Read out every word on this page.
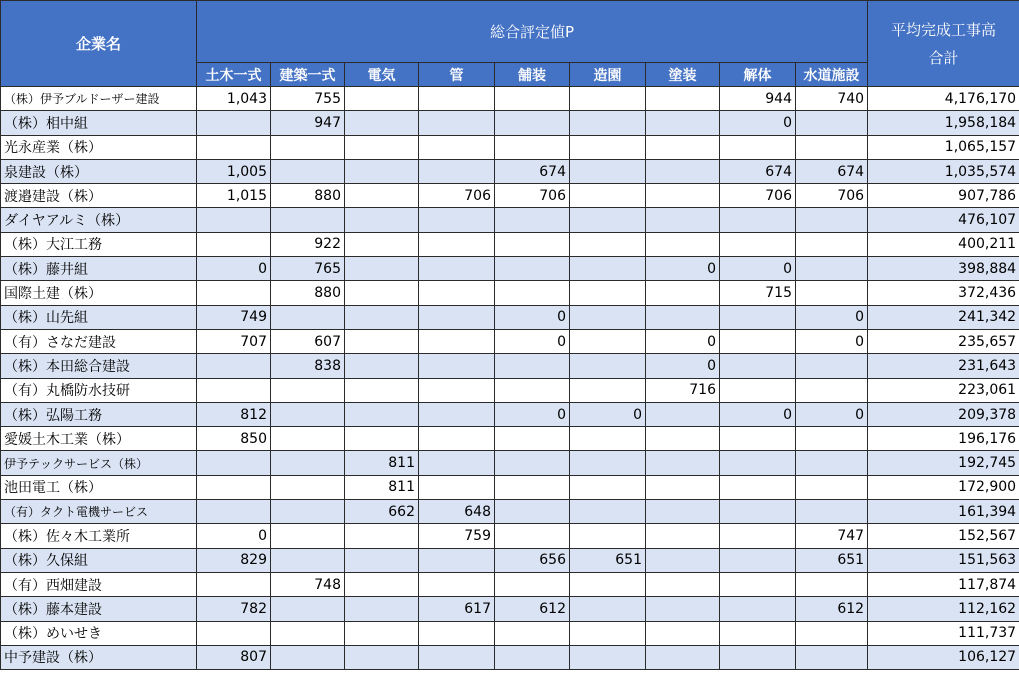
企業名	総合評定値P									平均完成工事高
合計
	土木一式	建築一式	電気	管	舗装	造園	塗装	解体	水道施設	
（株）伊予ブルドーザー建設	1,043	755						944	740	4,176,170
（株）相中組		947						0		1,958,184
光永産業（株）										1,065,157
泉建設（株）	1,005				674			674	674	1,035,574
渡邉建設（株）	1,015	880		706	706			706	706	907,786
ダイヤアルミ（株）										476,107
（株）大江工務		922								400,211
（株）藤井組	0	765					0	0		398,884
国際土建（株）		880						715		372,436
（株）山先組	749				0				0	241,342
（有）さなだ建設	707	607			0		0		0	235,657
（株）本田総合建設		838					0			231,643
（有）丸橋防水技研							716			223,061
（株）弘陽工務	812				0	0		0	0	209,378
愛媛土木工業（株）	850									196,176
伊予テックサービス（株）			811							192,745
池田電工（株）			811							172,900
（有）タクト電機サービス			662	648						161,394
（株）佐々木工業所	0			759					747	152,567
（株）久保組	829				656	651			651	151,563
（有）西畑建設		748								117,874
（株）藤本建設	782			617	612				612	112,162
（株）めいせき										111,737
中予建設（株）	807									106,127
